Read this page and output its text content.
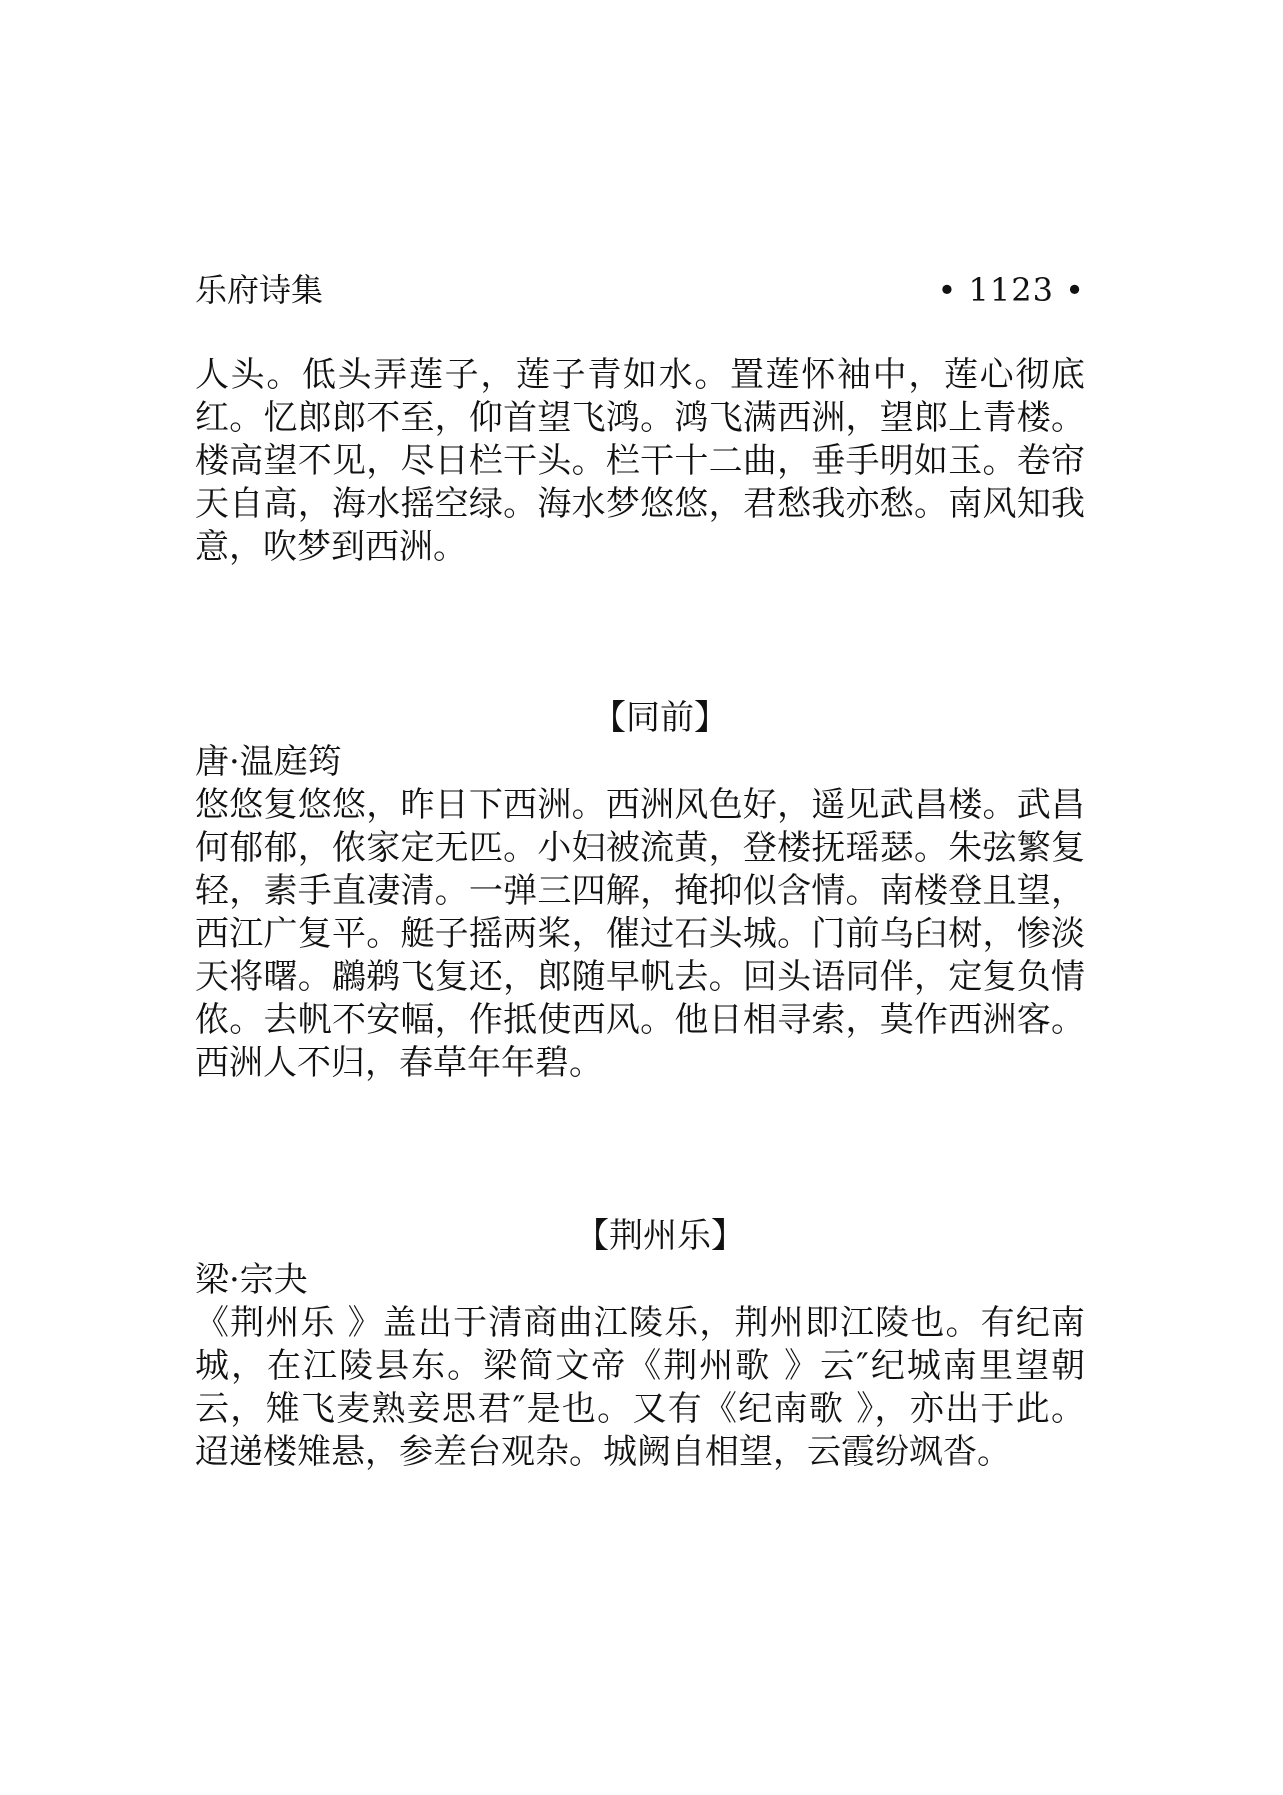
乐府诗集	• 1123 •

人头。低头弄莲子，莲子青如水。置莲怀袖中，莲心彻底红。忆郎郎不至，仰首望飞鸿。鸿飞满西洲，望郎上青楼。楼高望不见，尽日栏干头。栏干十二曲，垂手明如玉。卷帘天自高，海水摇空绿。海水梦悠悠，君愁我亦愁。南风知我意，吹梦到西洲。

【同前】

唐·温庭筠

悠悠复悠悠，昨日下西洲。西洲风色好，遥见武昌楼。武昌何郁郁，侬家定无匹。小妇被流黄，登楼抚瑶瑟。朱弦繁复轻，素手直凄清。一弹三四解，掩抑似含情。南楼登且望，西江广复平。艇子摇两桨，催过石头城。门前乌臼树，惨淡天将曙。鸊鹈飞复还，郎随早帆去。回头语同伴，定复负情侬。去帆不安幅，作抵使西风。他日相寻索，莫作西洲客。西洲人不归，春草年年碧。

【荆州乐】

梁·宗夬

《荆州乐 》盖出于清商曲江陵乐，荆州即江陵也。有纪南城，在江陵县东。梁简文帝《荆州歌 》云″纪城南里望朝云，雉飞麦熟妾思君″是也。又有《纪南歌 》，亦出于此。迢递楼雉悬，参差台观杂。城阙自相望，云霞纷飒沓。
